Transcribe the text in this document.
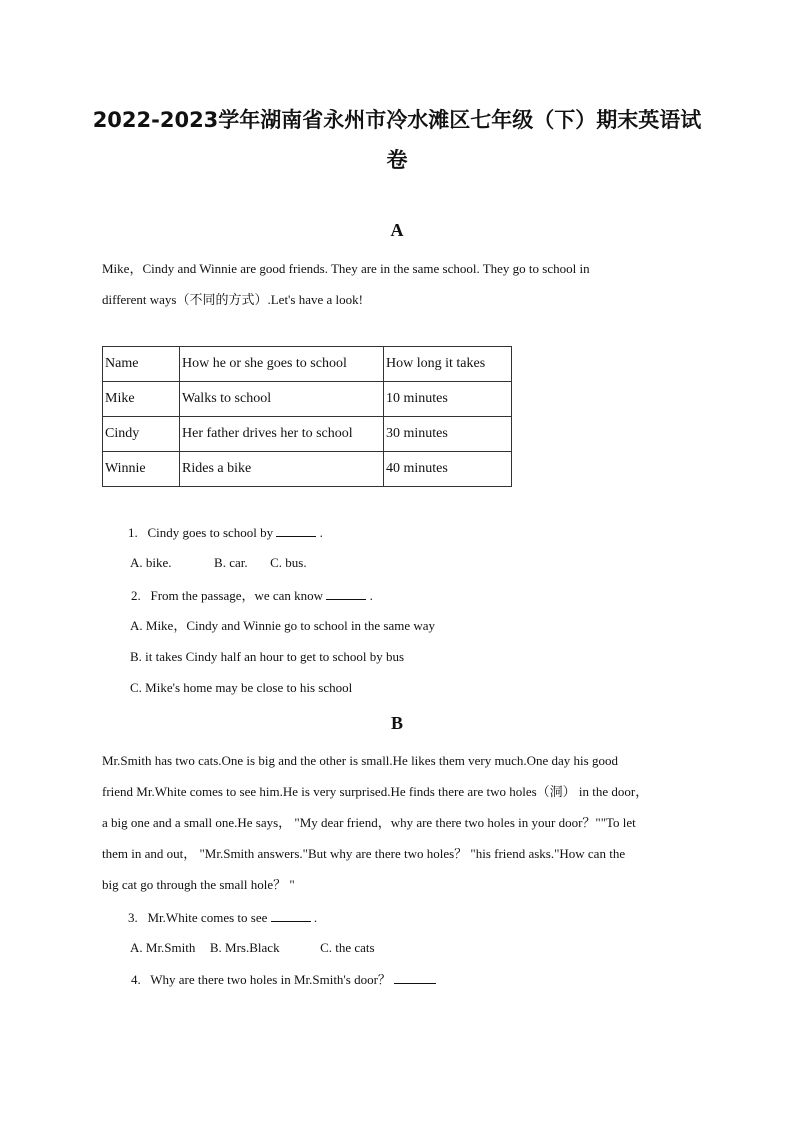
2022-2023学年湖南省永州市冷水滩区七年级（下）期末英语试
卷
A
Mike，Cindy and Winnie are good friends. They are in the same school. They go to school in
different ways（不同的方式）.Let's have a look!
Name	How he or she goes to school	How long it takes
Mike	Walks to school	10 minutes
Cindy	Her father drives her to school	30 minutes
Winnie	Rides a bike	40 minutes
1. Cindy goes to school by	.
A. bike.	B. car. C. bus.
2. From the passage，we can know	.
A. Mike，Cindy and Winnie go to school in the same way
B. it takes Cindy half an hour to get to school by bus
C. Mike's home may be close to his school
B
Mr.Smith has two cats.One is big and the other is small.He likes them very much.One day his good
friend Mr.White comes to see him.He is very surprised.He finds there are two holes（洞） in the door，
a big one and a small one.He says， "My dear friend，why are there two holes in your door？""To let
them in and out， "Mr.Smith answers."But why are there two holes？ "his friend asks."How can the
big cat go through the small hole？ "
3. Mr.White comes to see	.
A. Mr.Smith B. Mrs.Black	C. the cats
4. Why are there two holes in Mr.Smith's door？
